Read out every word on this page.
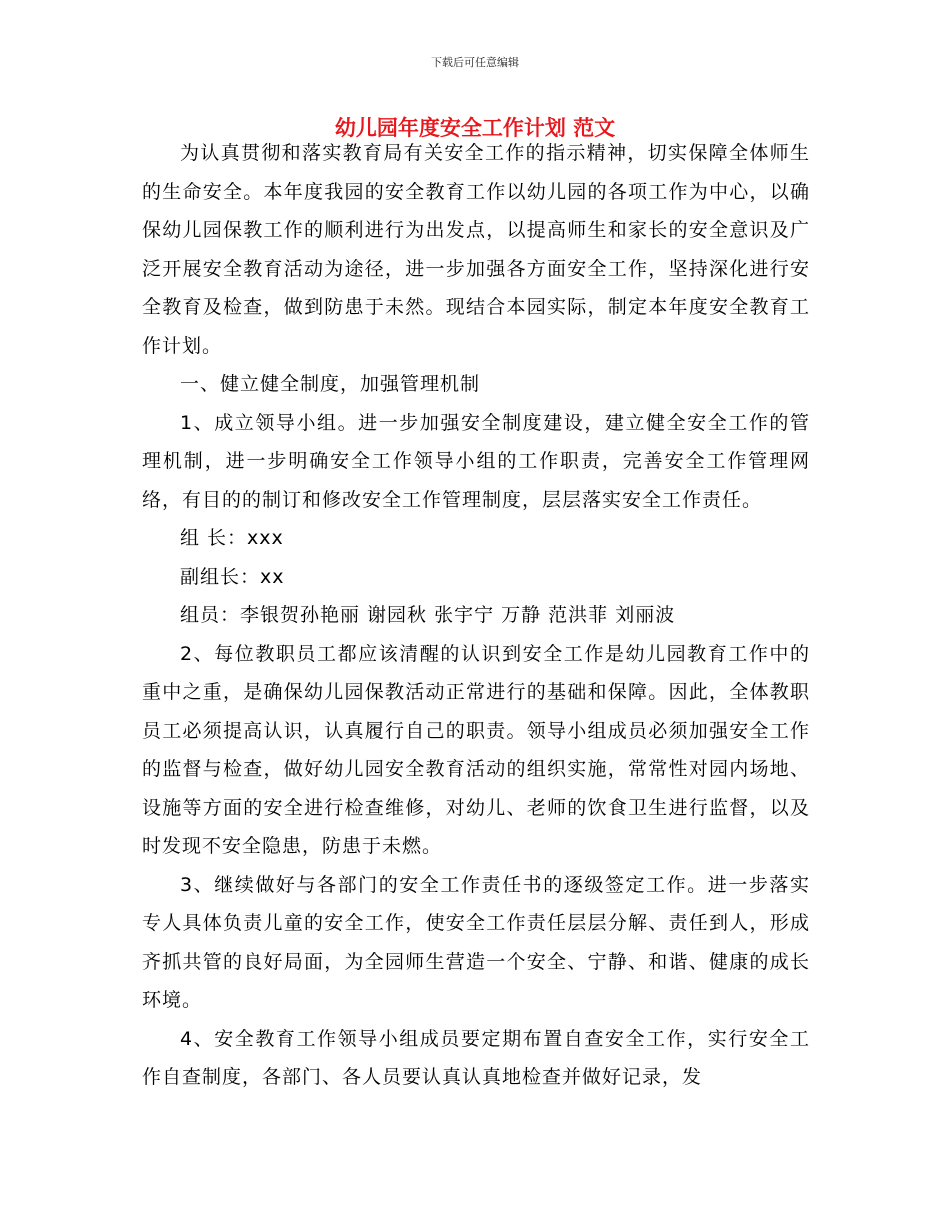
下载后可任意编辑
幼儿园年度安全工作计划 范文

为认真贯彻和落实教育局有关安全工作的指示精神，切实保障全体师生的生命安全。本年度我园的安全教育工作以幼儿园的各项工作为中心，以确保幼儿园保教工作的顺利进行为出发点，以提高师生和家长的安全意识及广泛开展安全教育活动为途径，进一步加强各方面安全工作，坚持深化进行安全教育及检查，做到防患于未然。现结合本园实际，制定本年度安全教育工作计划。

一、健立健全制度，加强管理机制

1、成立领导小组。进一步加强安全制度建设，建立健全安全工作的管理机制，进一步明确安全工作领导小组的工作职责，完善安全工作管理网络，有目的的制订和修改安全工作管理制度，层层落实安全工作责任。

组 长：xxx

副组长：xx

组员：李银贺孙艳丽 谢园秋 张宇宁 万静 范洪菲 刘丽波

2、每位教职员工都应该清醒的认识到安全工作是幼儿园教育工作中的重中之重，是确保幼儿园保教活动正常进行的基础和保障。因此，全体教职员工必须提高认识，认真履行自己的职责。领导小组成员必须加强安全工作的监督与检查，做好幼儿园安全教育活动的组织实施，常常性对园内场地、设施等方面的安全进行检查维修，对幼儿、老师的饮食卫生进行监督，以及时发现不安全隐患，防患于未燃。

3、继续做好与各部门的安全工作责任书的逐级签定工作。进一步落实专人具体负责儿童的安全工作，使安全工作责任层层分解、责任到人，形成齐抓共管的良好局面，为全园师生营造一个安全、宁静、和谐、健康的成长环境。

4、安全教育工作领导小组成员要定期布置自查安全工作，实行安全工作自查制度，各部门、各人员要认真认真地检查并做好记录，发
